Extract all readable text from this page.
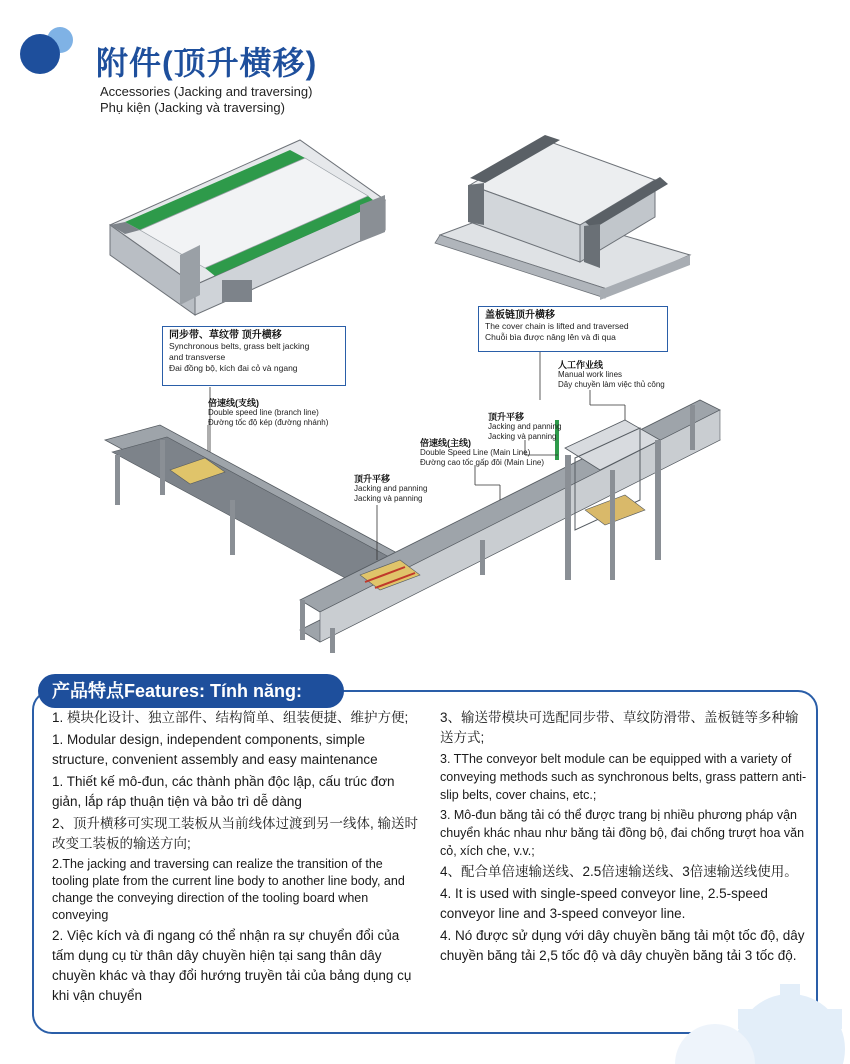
附件(顶升横移)
Accessories (Jacking and traversing)
Phụ kiện (Jacking và traversing)
同步带、草纹带 顶升横移
Synchronous belts, grass belt jacking
and transverse
Đai đồng bộ, kích đai cỏ và ngang
盖板链顶升横移
The cover chain is lifted and traversed
Chuỗi bìa được nâng lên và đi qua
倍速线(支线)
Double speed line (branch line)
Đường tốc độ kép (đường nhánh)
倍速线(主线)
Double Speed Line (Main Line)
Đường cao tốc gấp đôi (Main Line)
人工作业线
Manual work lines
Dây chuyền làm việc thủ công
顶升平移
Jacking and panning
Jacking và panning
顶升平移
Jacking and panning
Jacking và panning
产品特点Features: Tính năng:

1. 模块化设计、独立部件、结构简单、组装便捷、维护方便;

1. Modular design, independent components, simple structure, convenient assembly and easy maintenance

1. Thiết kế mô-đun, các thành phần độc lập, cấu trúc đơn giản, lắp ráp thuận tiện và bảo trì dễ dàng

2、顶升横移可实现工装板从当前线体过渡到另一线体, 输送时改变工装板的输送方向;

2.The jacking and traversing can realize the transition of the tooling plate from the current line body to another line body, and change the conveying direction of the tooling board when conveying

2. Việc kích và đi ngang có thể nhận ra sự chuyển đổi của tấm dụng cụ từ thân dây chuyền hiện tại sang thân dây chuyền khác và thay đổi hướng truyền tải của bảng dụng cụ khi vận chuyển

3、输送带模块可选配同步带、草纹防滑带、盖板链等多种输送方式;

3. TThe conveyor belt module can be equipped with a variety of conveying methods such as synchronous belts, grass pattern anti-slip belts, cover chains, etc.;

3. Mô-đun băng tải có thể được trang bị nhiều phương pháp vận chuyển khác nhau như băng tải đồng bộ, đai chống trượt hoa văn cỏ, xích che, v.v.;

4、配合单倍速输送线、2.5倍速输送线、3倍速输送线使用。

4. It is used with single-speed conveyor line, 2.5-speed conveyor line and 3-speed conveyor line.

4. Nó được sử dụng với dây chuyền băng tải một tốc độ, dây chuyền băng tải 2,5 tốc độ và dây chuyền băng tải 3 tốc độ.
